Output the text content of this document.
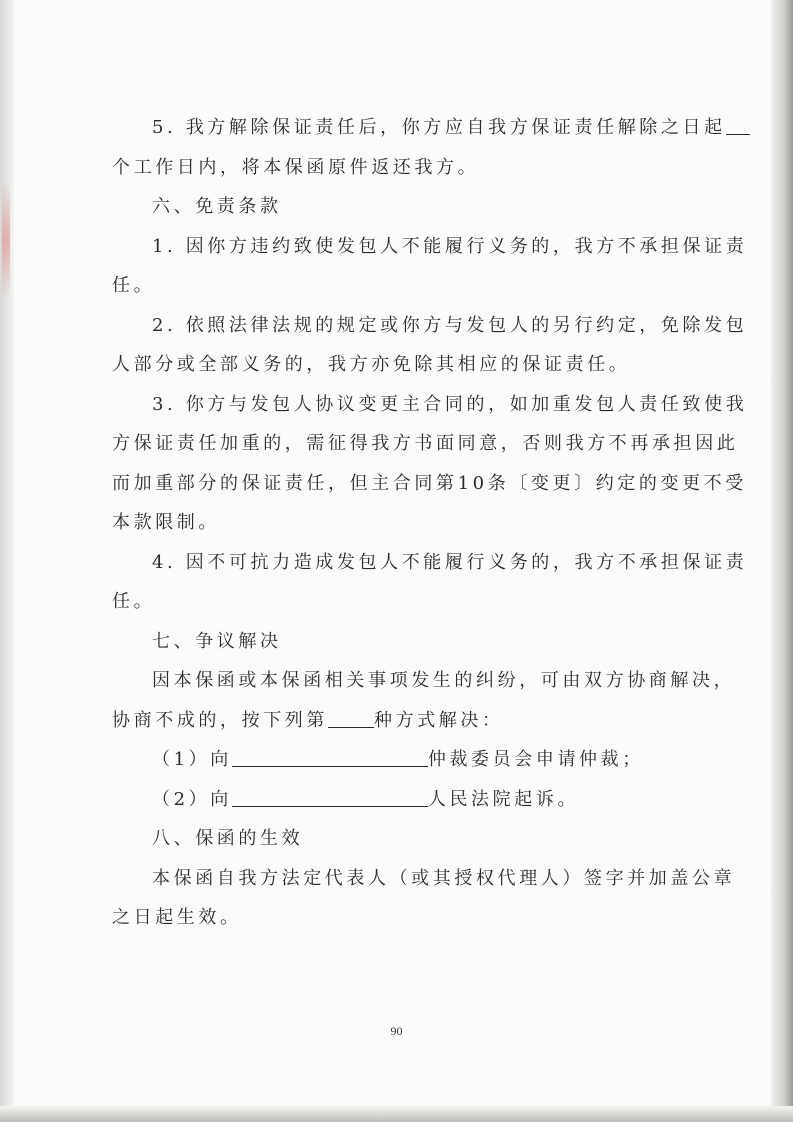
5. 我方解除保证责任后，你方应自我方保证责任解除之日起
个工作日内，将本保函原件返还我方。
六、免责条款
1. 因你方违约致使发包人不能履行义务的，我方不承担保证责
任。
2. 依照法律法规的规定或你方与发包人的另行约定，免除发包
人部分或全部义务的，我方亦免除其相应的保证责任。
3. 你方与发包人协议变更主合同的，如加重发包人责任致使我
方保证责任加重的，需征得我方书面同意，否则我方不再承担因此
而加重部分的保证责任，但主合同第10条〔变更〕约定的变更不受
本款限制。
4. 因不可抗力造成发包人不能履行义务的，我方不承担保证责
任。
七、争议解决
因本保函或本保函相关事项发生的纠纷，可由双方协商解决，
协商不成的，按下列第	种方式解决：
（1）向	仲裁委员会申请仲裁；
（2）向	人民法院起诉。
八、保函的生效
本保函自我方法定代表人（或其授权代理人）签字并加盖公章
之日起生效。
90
